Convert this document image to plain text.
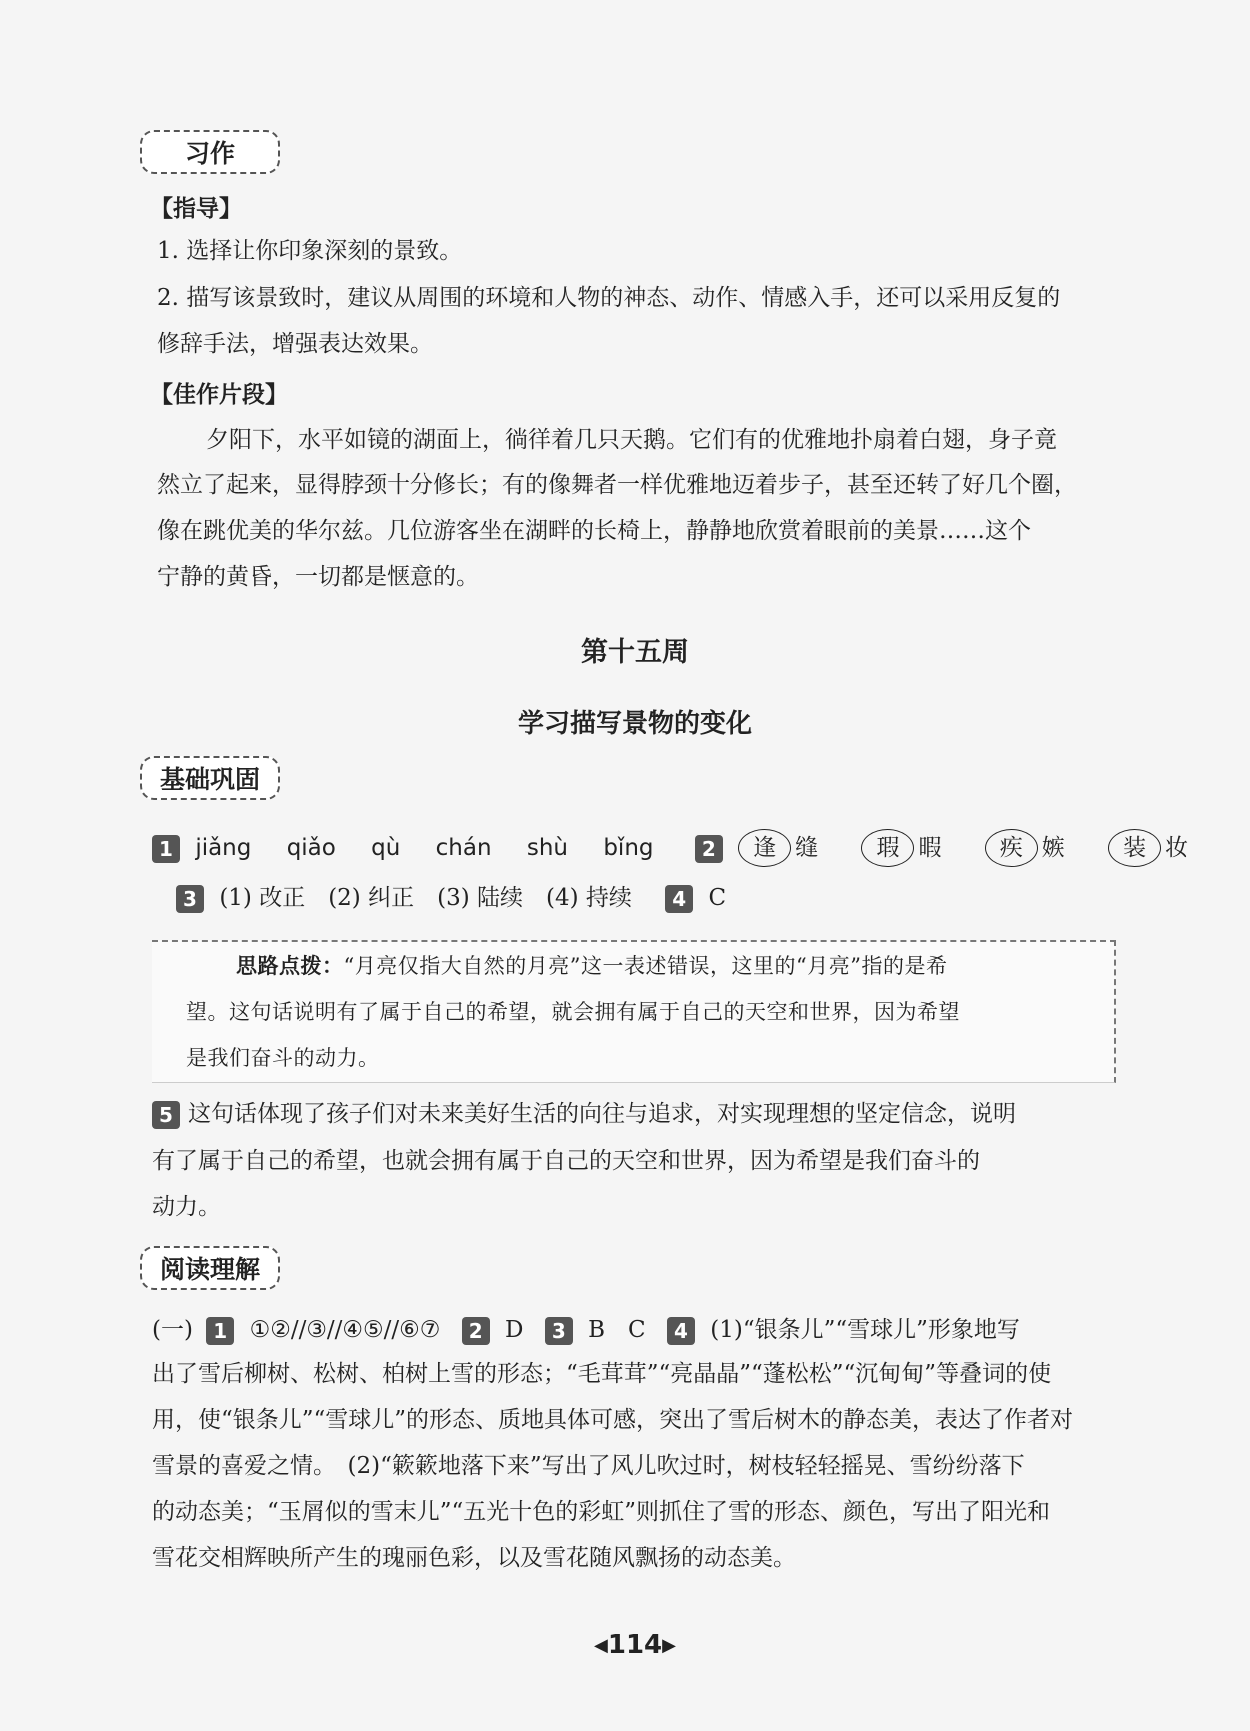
习作
【指导】
1. 选择让你印象深刻的景致。
2. 描写该景致时，建议从周围的环境和人物的神态、动作、情感入手，还可以采用反复的
修辞手法，增强表达效果。
【佳作片段】
夕阳下，水平如镜的湖面上，徜徉着几只天鹅。它们有的优雅地扑扇着白翅，身子竟
然立了起来，显得脖颈十分修长；有的像舞者一样优雅地迈着步子，甚至还转了好几个圈，
像在跳优美的华尔兹。几位游客坐在湖畔的长椅上，静静地欣赏着眼前的美景……这个
宁静的黄昏，一切都是惬意的。
第十五周
学习描写景物的变化
基础巩固
1 jiǎng qiǎo qù chán shù bǐng 2 逢 缝	瑕 暇	疾 嫉	装 妆
3 (1) 改正　(2) 纠正　(3) 陆续　(4) 持续 4 C
思路点拨：“月亮仅指大自然的月亮”这一表述错误，这里的“月亮”指的是希
望。这句话说明有了属于自己的希望，就会拥有属于自己的天空和世界，因为希望
是我们奋斗的动力。
5 这句话体现了孩子们对未来美好生活的向往与追求，对实现理想的坚定信念，说明
有了属于自己的希望，也就会拥有属于自己的天空和世界，因为希望是我们奋斗的
动力。
阅读理解
(一) 1 ①②//③//④⑤//⑥⑦ 2 D 3 B　C 4 (1)“银条儿”“雪球儿”形象地写
出了雪后柳树、松树、柏树上雪的形态；“毛茸茸”“亮晶晶”“蓬松松”“沉甸甸”等叠词的使
用，使“银条儿”“雪球儿”的形态、质地具体可感，突出了雪后树木的静态美，表达了作者对
雪景的喜爱之情。　(2)“簌簌地落下来”写出了风儿吹过时，树枝轻轻摇晃、雪纷纷落下
的动态美；“玉屑似的雪末儿”“五光十色的彩虹”则抓住了雪的形态、颜色，写出了阳光和
雪花交相辉映所产生的瑰丽色彩，以及雪花随风飘扬的动态美。
◀114▶
